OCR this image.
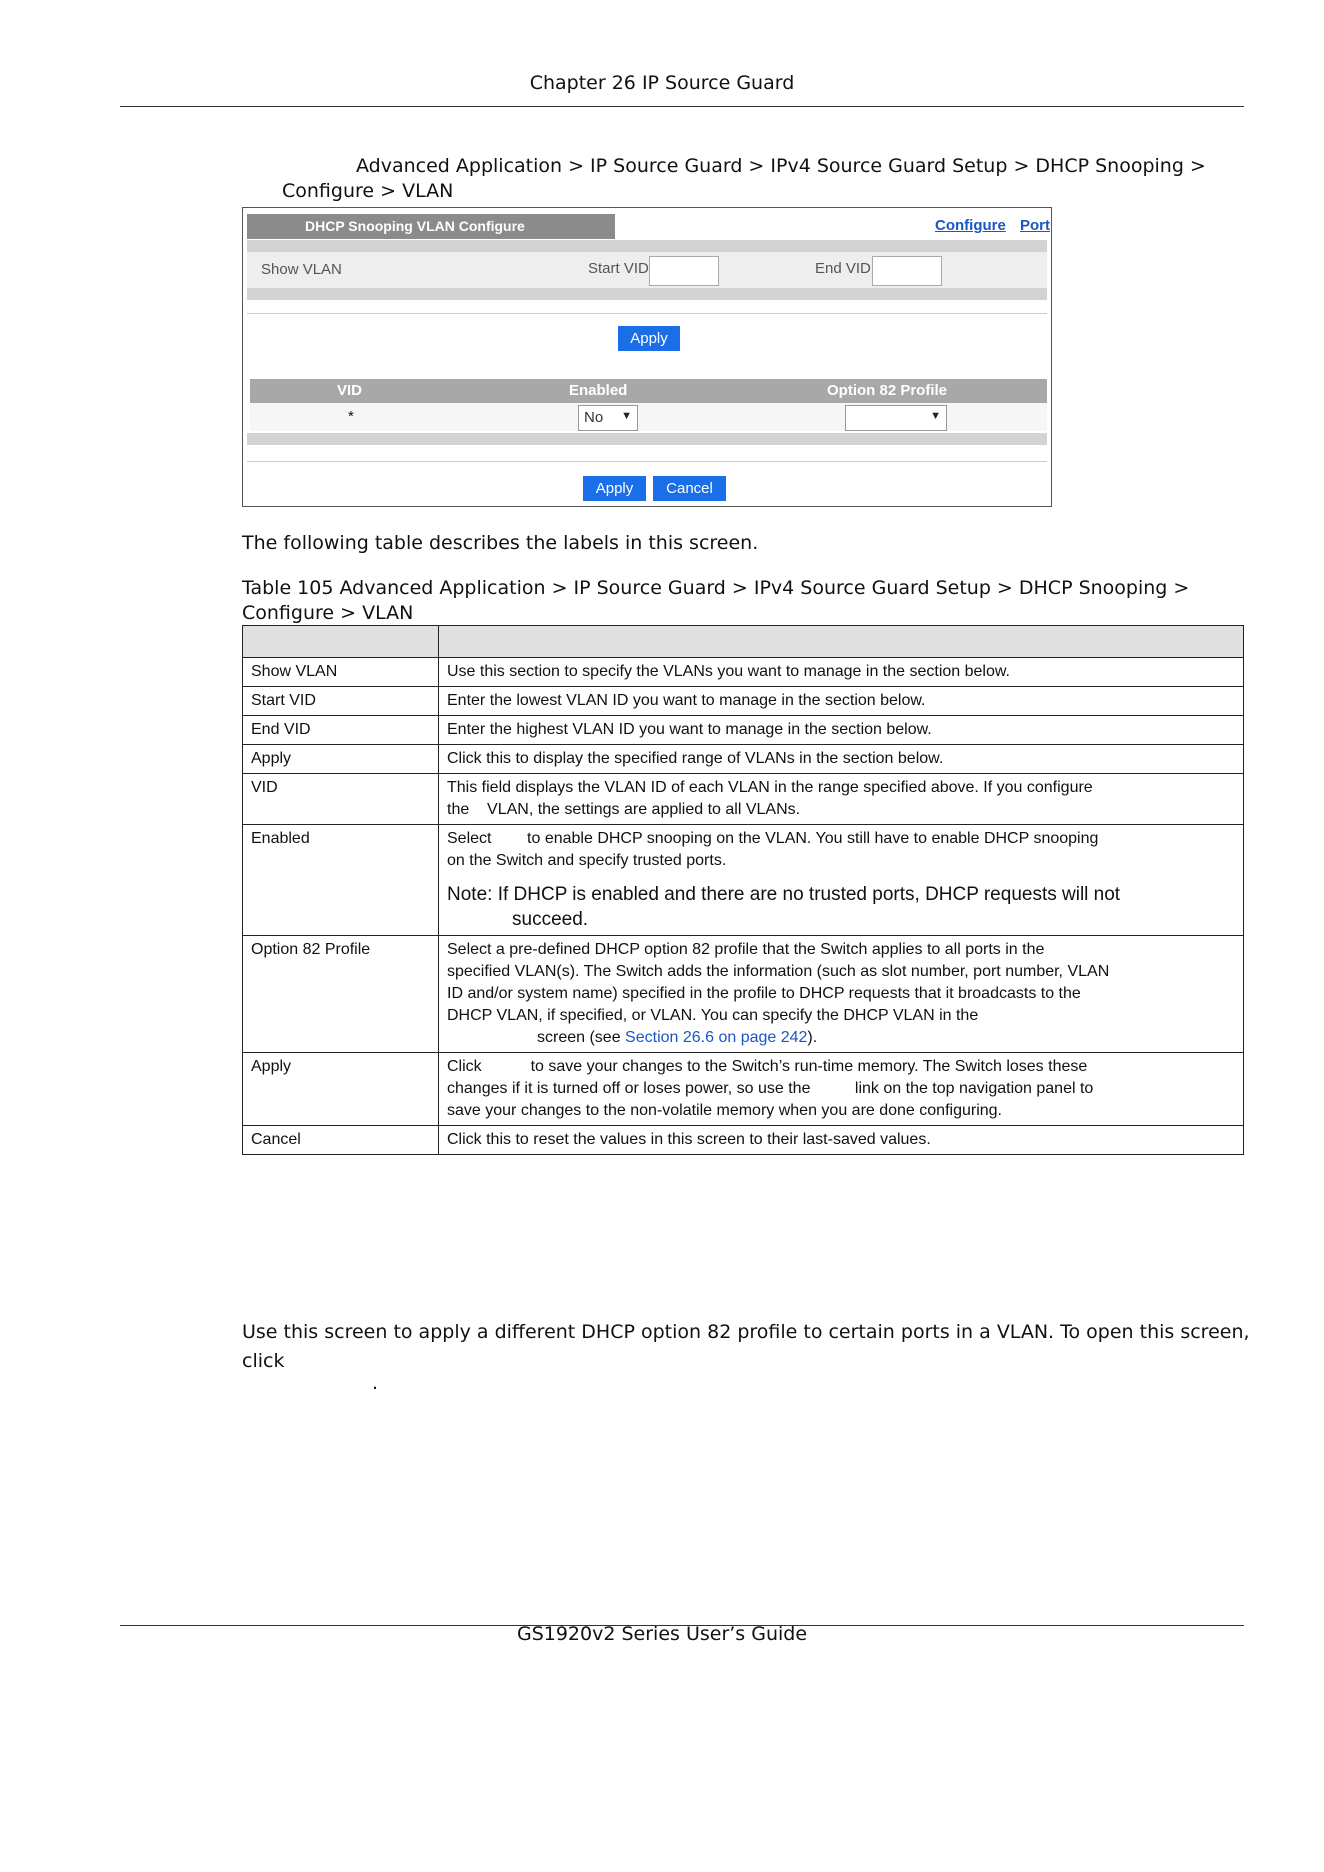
Chapter 26 IP Source Guard
Advanced Application > IP Source Guard > IPv4 Source Guard Setup > DHCP Snooping >
Configure > VLAN
DHCP Snooping VLAN Configure	Configure Port
Show VLAN	Start VID	End VID
Apply
VID	Enabled	Option 82 Profile
*	No ▼	▼
Apply	Cancel
The following table describes the labels in this screen.
Table 105 Advanced Application > IP Source Guard > IPv4 Source Guard Setup > DHCP Snooping >
Configure > VLAN

Show VLAN	Use this section to specify the VLANs you want to manage in the section below.
Start VID	Enter the lowest VLAN ID you want to manage in the section below.
End VID	Enter the highest VLAN ID you want to manage in the section below.
Apply	Click this to display the specified range of VLANs in the section below.
VID	This field displays the VLAN ID of each VLAN in the range specified above. If you configure
the    VLAN, the settings are applied to all VLANs.

Enabled	Select        to enable DHCP snooping on the VLAN. You still have to enable DHCP snooping
on the Switch and specify trusted ports.
Note: If DHCP is enabled and there are no trusted ports, DHCP requests will not
succeed.

Option 82 Profile	Select a pre-defined DHCP option 82 profile that the Switch applies to all ports in the
specified VLAN(s). The Switch adds the information (such as slot number, port number, VLAN
ID and/or system name) specified in the profile to DHCP requests that it broadcasts to the
DHCP VLAN, if specified, or VLAN. You can specify the DHCP VLAN in the
screen (see Section 26.6 on page 242).

Apply	Click           to save your changes to the Switch’s run-time memory. The Switch loses these
changes if it is turned off or loses power, so use the          link on the top navigation panel to
save your changes to the non-volatile memory when you are done configuring.

Cancel	Click this to reset the values in this screen to their last-saved values.
Use this screen to apply a different DHCP option 82 profile to certain ports in a VLAN. To open this screen,
click
.
GS1920v2 Series User’s Guide
